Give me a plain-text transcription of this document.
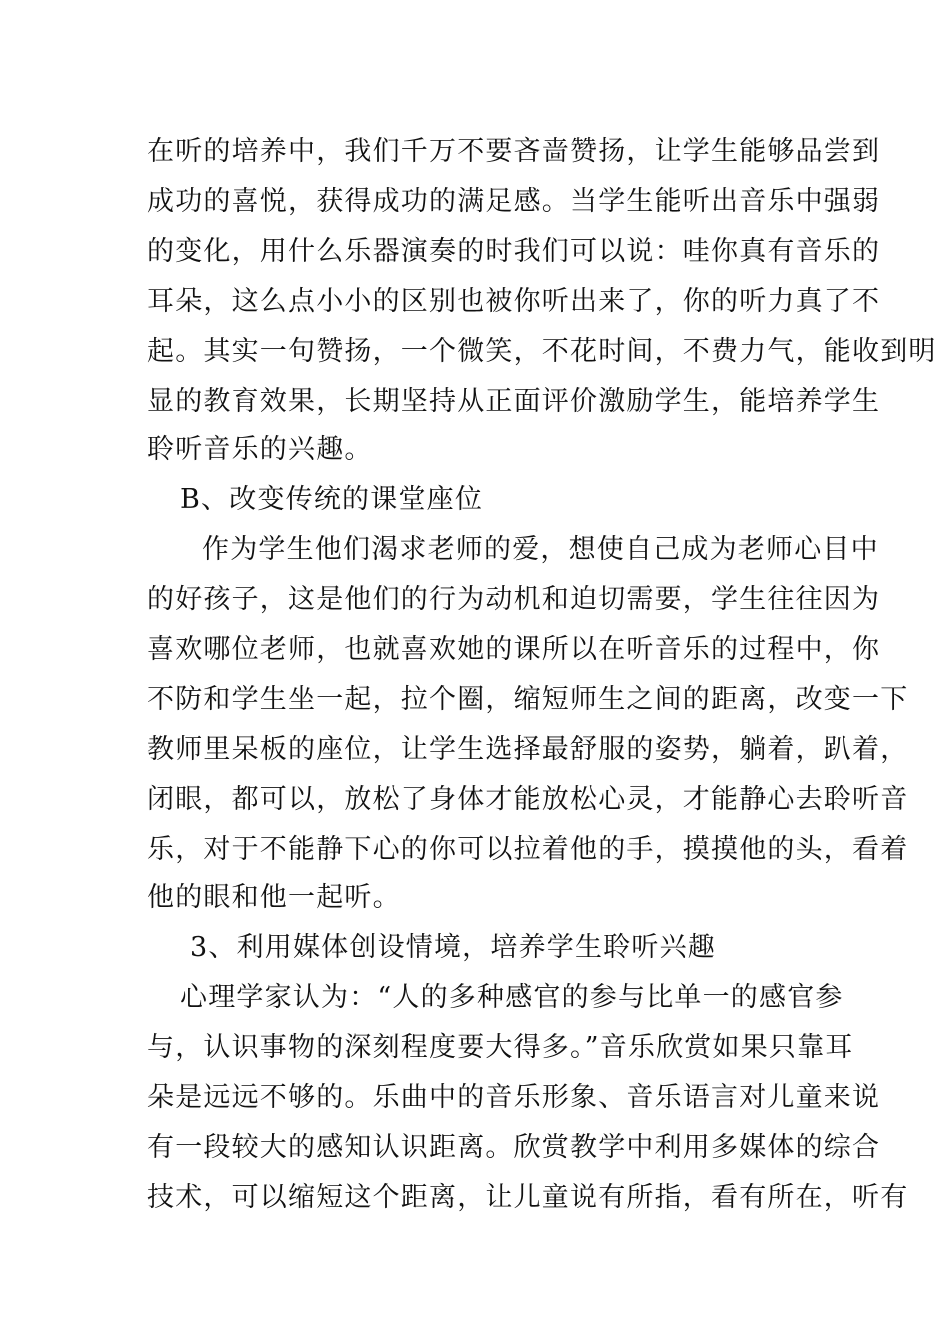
在听的培养中，我们千万不要吝啬赞扬，让学生能够品尝到
成功的喜悦，获得成功的满足感。当学生能听出音乐中强弱
的变化，用什么乐器演奏的时我们可以说：哇你真有音乐的
耳朵，这么点小小的区别也被你听出来了，你的听力真了不
起。其实一句赞扬，一个微笑，不花时间，不费力气，能收到明
显的教育效果，长期坚持从正面评价激励学生，能培养学生
聆听音乐的兴趣。
B、改变传统的课堂座位
作为学生他们渴求老师的爱，想使自己成为老师心目中
的好孩子，这是他们的行为动机和迫切需要，学生往往因为
喜欢哪位老师，也就喜欢她的课所以在听音乐的过程中，你
不防和学生坐一起，拉个圈，缩短师生之间的距离，改变一下
教师里呆板的座位，让学生选择最舒服的姿势，躺着，趴着，
闭眼，都可以，放松了身体才能放松心灵，才能静心去聆听音
乐，对于不能静下心的你可以拉着他的手，摸摸他的头，看着
他的眼和他一起听。
3、利用媒体创设情境，培养学生聆听兴趣
心理学家认为：“人的多种感官的参与比单一的感官参
与，认识事物的深刻程度要大得多。”音乐欣赏如果只靠耳
朵是远远不够的。乐曲中的音乐形象、音乐语言对儿童来说
有一段较大的感知认识距离。欣赏教学中利用多媒体的综合
技术，可以缩短这个距离，让儿童说有所指，看有所在，听有
